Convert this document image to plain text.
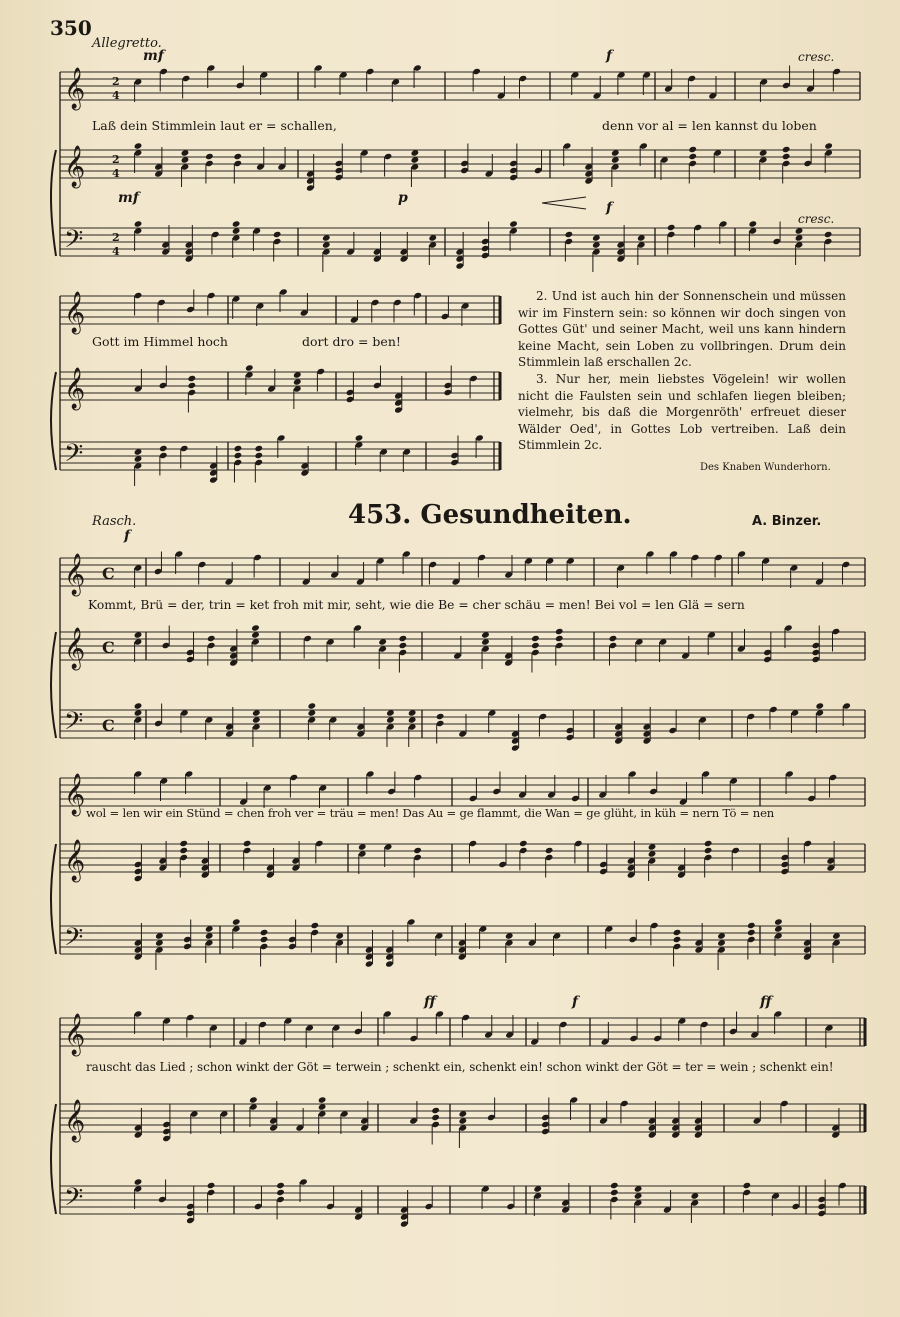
350
Allegretto.
mf	f	cresc.
𝄞 2
4
Laß dein Stimmlein laut er = schallen,	denn vor al = len kannst du loben
𝄞 2
4
mf	p
f
cresc.
𝄢	2
4
𝄞
Gott im Himmel hoch	dort dro = ben!
𝄞
𝄢

2. Und ist auch hin der Sonnenschein und müssen wir im Finstern sein: so können wir doch singen von Gottes Güt' und seiner Macht, weil uns kann hindern keine Macht, sein Loben zu vollbringen. Drum dein Stimmlein laß erschallen 2c.

3. Nur her, mein liebstes Vögelein! wir wollen nicht die Faulsten sein und schlafen liegen bleiben; vielmehr, bis daß die Morgenröth' erfreuet dieser Wälder Oed', in Gottes Lob vertreiben. Laß dein Stimmlein 2c.

Des Knaben Wunderhorn.
Rasch.	453. Gesundheiten.	A. Binzer.
f
𝄞 C
Kommt, Brü = der, trin = ket froh mit mir, seht, wie die Be = cher schäu = men! Bei vol = len Glä = sern
𝄞 C
𝄢 C
𝄞 wol = len wir ein Stünd = chen froh ver = träu = men! Das Au = ge flammt, die Wan = ge glüht, in küh = nern Tö = nen
𝄞
𝄢
ff	f	ff
𝄞
rauscht das Lied ; schon winkt der Göt = terwein ; schenkt ein, schenkt ein! schon winkt der Göt = ter = wein ; schenkt ein!
𝄞
𝄢
